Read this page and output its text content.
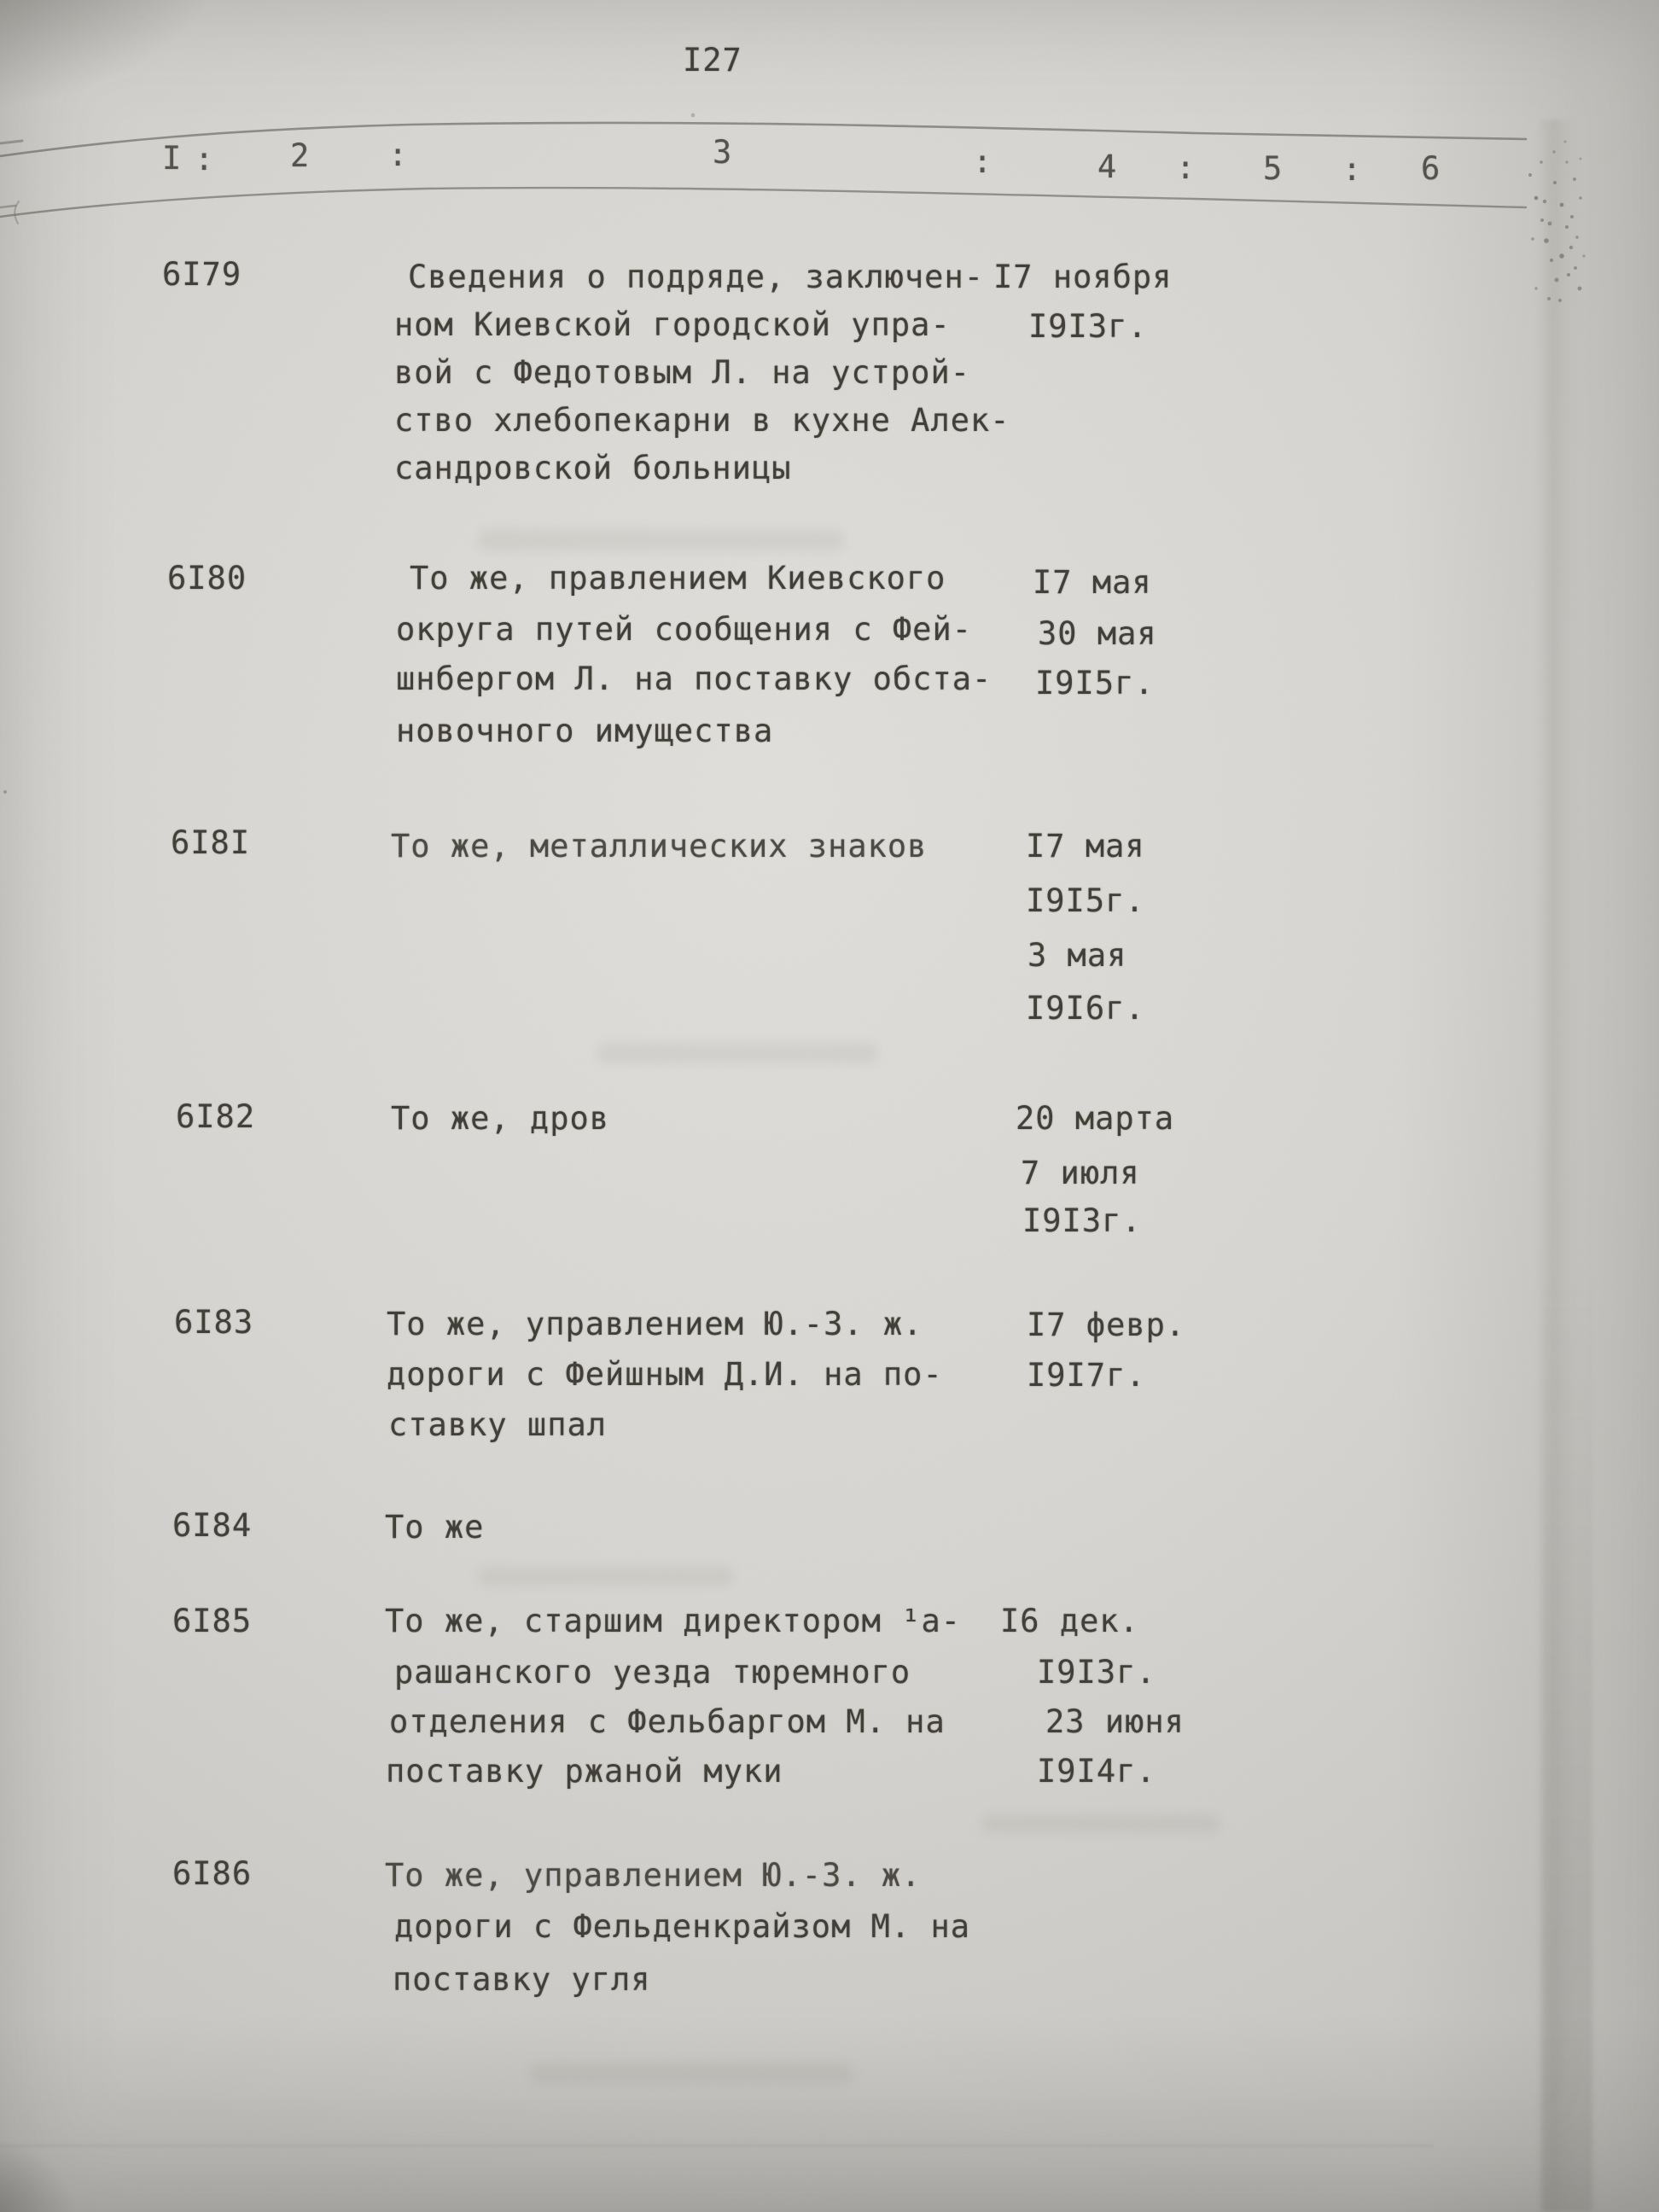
I27
I : 2 :	3	:	4 : 5 : 6
6I79	Сведения о подряде, заключен-
ном Киевской городской упра-
вой с Федотовым Л. на устрой-
ство хлебопекарни в кухне Алек-
сандровской больницы
I7 ноября
I9I3г.
6I80	То же, правлением Киевского
округа путей сообщения с Фей-
шнбергом Л. на поставку обста-
новочного имущества
I7 мая
30 мая
I9I5г.
6I8I	То же, металлических знаков	I7 мая
I9I5г.
3 мая
I9I6г.
6I82	То же, дров	20 марта
7 июля
I9I3г.
6I83	То же, управлением Ю.-З. ж.
дороги с Фейшным Д.И. на по-
ставку шпал
I7 февр.
I9I7г.
6I84	То же
6I85	То же, старшим директором ¹а-
рашанского уезда тюремного
отделения с Фельбаргом М. на
поставку ржаной муки
I6 дек.
I9I3г.
23 июня
I9I4г.
6I86	То же, управлением Ю.-З. ж.
дороги с Фельденкрайзом М. на
поставку угля
